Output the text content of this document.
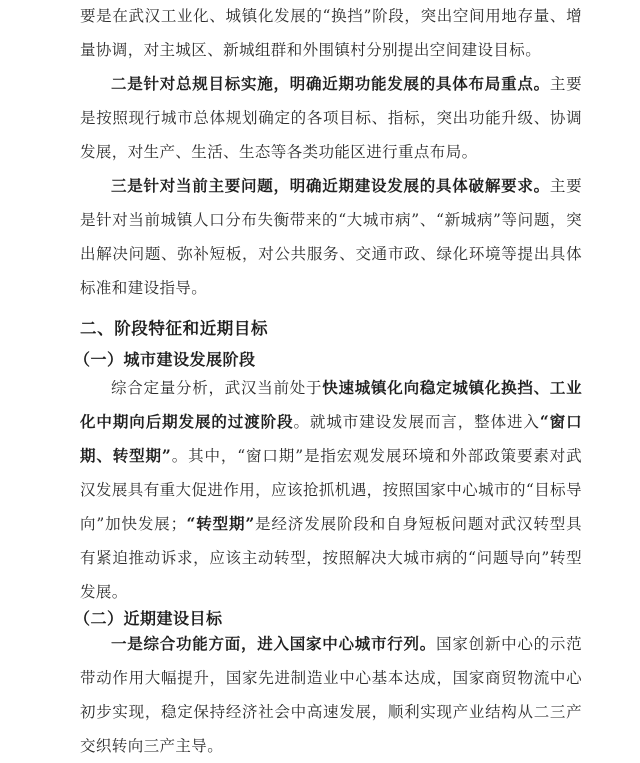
要是在武汉工业化、城镇化发展的“换挡”阶段，突出空间用地存量、增量协调，对主城区、新城组群和外围镇村分别提出空间建设目标。

二是针对总规目标实施，明确近期功能发展的具体布局重点。主要是按照现行城市总体规划确定的各项目标、指标，突出功能升级、协调发展，对生产、生活、生态等各类功能区进行重点布局。

三是针对当前主要问题，明确近期建设发展的具体破解要求。主要是针对当前城镇人口分布失衡带来的“大城市病”、“新城病”等问题，突出解决问题、弥补短板，对公共服务、交通市政、绿化环境等提出具体标准和建设指导。

二、阶段特征和近期目标
（一）城市建设发展阶段

综合定量分析，武汉当前处于快速城镇化向稳定城镇化换挡、工业化中期向后期发展的过渡阶段。就城市建设发展而言，整体进入“窗口期、转型期”。其中，“窗口期”是指宏观发展环境和外部政策要素对武汉发展具有重大促进作用，应该抢抓机遇，按照国家中心城市的“目标导向”加快发展；“转型期”是经济发展阶段和自身短板问题对武汉转型具有紧迫推动诉求，应该主动转型，按照解决大城市病的“问题导向”转型发展。

（二）近期建设目标

一是综合功能方面，进入国家中心城市行列。国家创新中心的示范带动作用大幅提升，国家先进制造业中心基本达成，国家商贸物流中心初步实现，稳定保持经济社会中高速发展，顺利实现产业结构从二三产交织转向三产主导。
